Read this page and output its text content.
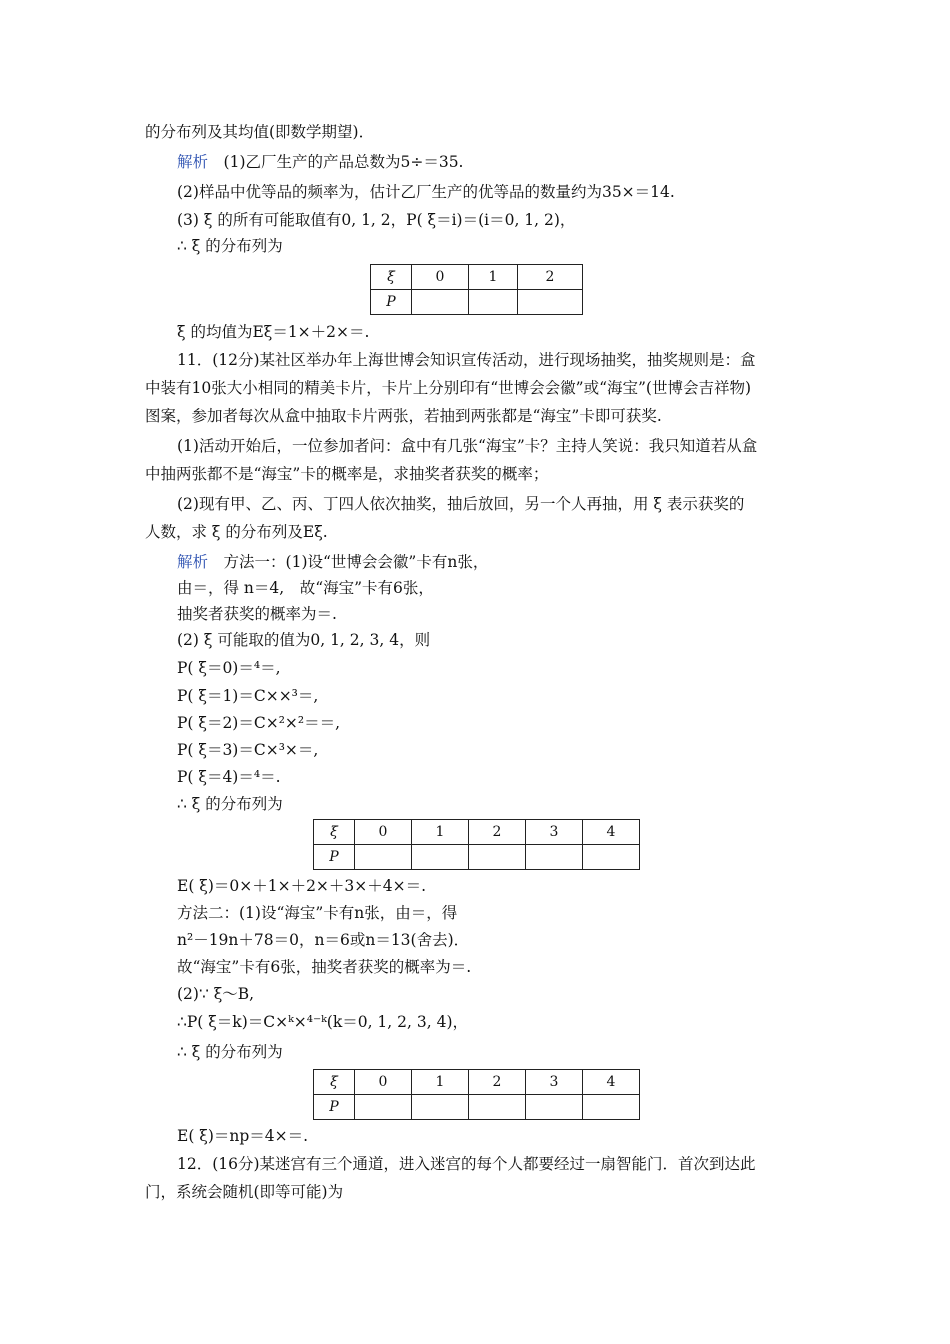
的分布列及其均值(即数学期望)．
解析　 (1)乙厂生产的产品总数为5÷＝35.
(2)样品中优等品的频率为，估计乙厂生产的优等品的数量约为35×＝14.
(3) ξ 的所有可能取值有0, 1, 2，P( ξ＝i)＝(i＝0, 1, 2)，
∴ ξ 的分布列为
ξ	0	1	2
P			
ξ 的均值为Eξ＝1×＋2×＝.
11．(12分)某社区举办年上海世博会知识宣传活动，进行现场抽奖，抽奖规则是：盒
中装有10张大小相同的精美卡片，卡片上分别印有“世博会会徽”或“海宝”(世博会吉祥物)
图案，参加者每次从盒中抽取卡片两张，若抽到两张都是“海宝”卡即可获奖.
(1)活动开始后，一位参加者问：盒中有几张“海宝”卡？主持人笑说：我只知道若从盒
中抽两张都不是“海宝”卡的概率是，求抽奖者获奖的概率；
(2)现有甲、乙、丙、丁四人依次抽奖，抽后放回，另一个人再抽，用 ξ 表示获奖的
人数，求 ξ 的分布列及Eξ.
解析　 方法一：(1)设“世博会会徽”卡有n张，
由＝，得 n＝4,　故“海宝”卡有6张，
抽奖者获奖的概率为＝.
(2) ξ 可能取的值为0, 1, 2, 3, 4，则
P( ξ＝0)＝⁴＝,
P( ξ＝1)＝C××³＝,
P( ξ＝2)＝C×²×²＝＝,
P( ξ＝3)＝C×³×＝,
P( ξ＝4)＝⁴＝.
∴ ξ 的分布列为
ξ	0	1	2	3	4
P					
E( ξ)＝0×＋1×＋2×＋3×＋4×＝.
方法二：(1)设“海宝”卡有n张，由＝，得
n²－19n＋78＝0，n＝6或n＝13(舍去)．
故“海宝”卡有6张，抽奖者获奖的概率为＝.
(2)∵ ξ～B,
∴P( ξ＝k)＝C×ᵏ×⁴⁻ᵏ(k＝0, 1, 2, 3, 4)，
∴ ξ 的分布列为
ξ	0	1	2	3	4
P					
E( ξ)＝np＝4×＝.
12．(16分)某迷宫有三个通道，进入迷宫的每个人都要经过一扇智能门．首次到达此
门，系统会随机(即等可能)为
